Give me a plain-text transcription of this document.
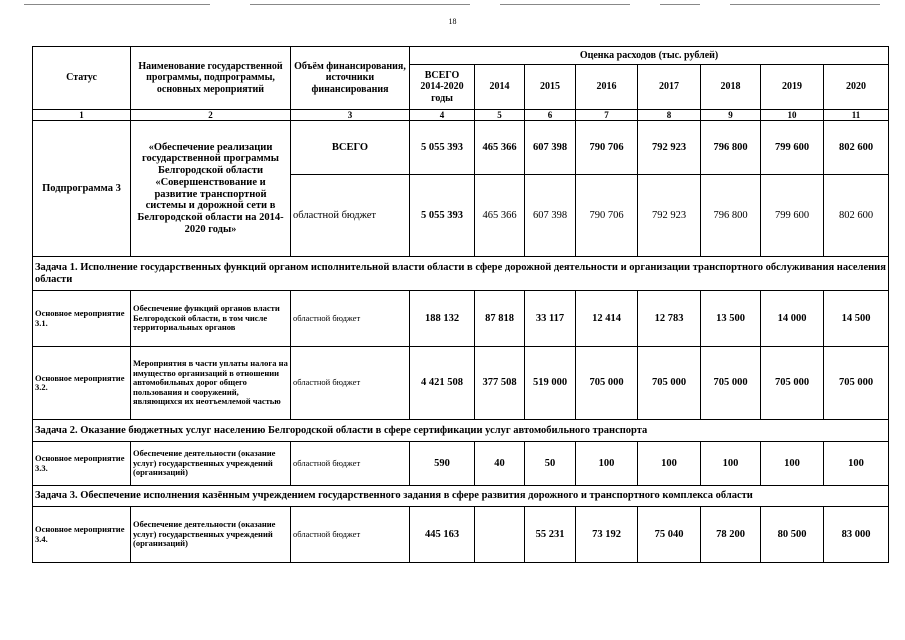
18
Статус	Наименование государственной программы, подпрограммы, основных мероприятий	Объём финансирования, источники финансирования	Оценка расходов (тыс. рублей)							
			ВСЕГО 2014-2020 годы	2014	2015	2016	2017	2018	2019	2020
1	2	3	4	5	6	7	8	9	10	11
Подпрограмма 3	«Обеспечение реализации государственной программы Белгородской области «Совершенствование и развитие транспортной системы и дорожной сети в Белгородской области на 2014-2020 годы»	ВСЕГО	5 055 393	465 366	607 398	790 706	792 923	796 800	799 600	802 600
		областной бюджет	5 055 393	465 366	607 398	790 706	792 923	796 800	799 600	802 600
Задача 1. Исполнение государственных функций органом исполнительной власти области в сфере дорожной деятельности и организации транспортного обслуживания населения области										
Основное мероприятие 3.1.	Обеспечение функций органов власти Белгородской области, в том числе территориальных органов	областной бюджет	188 132	87 818	33 117	12 414	12 783	13 500	14 000	14 500
Основное мероприятие 3.2.	Мероприятия в части уплаты налога на имущество организаций в отношении автомобильных дорог общего пользования и сооружений, являющихся их неотъемлемой частью	областной бюджет	4 421 508	377 508	519 000	705 000	705 000	705 000	705 000	705 000
Задача 2. Оказание бюджетных услуг населению Белгородской области в сфере сертификации услуг автомобильного транспорта										
Основное мероприятие 3.3.	Обеспечение деятельности (оказание услуг) государственных учреждений (организаций)	областной бюджет	590	40	50	100	100	100	100	100
Задача 3. Обеспечение исполнения казённым учреждением государственного задания в сфере развития дорожного и транспортного комплекса области										
Основное мероприятие 3.4.	Обеспечение деятельности (оказание услуг) государственных учреждений (организаций)	областной бюджет	445 163		55 231	73 192	75 040	78 200	80 500	83 000
